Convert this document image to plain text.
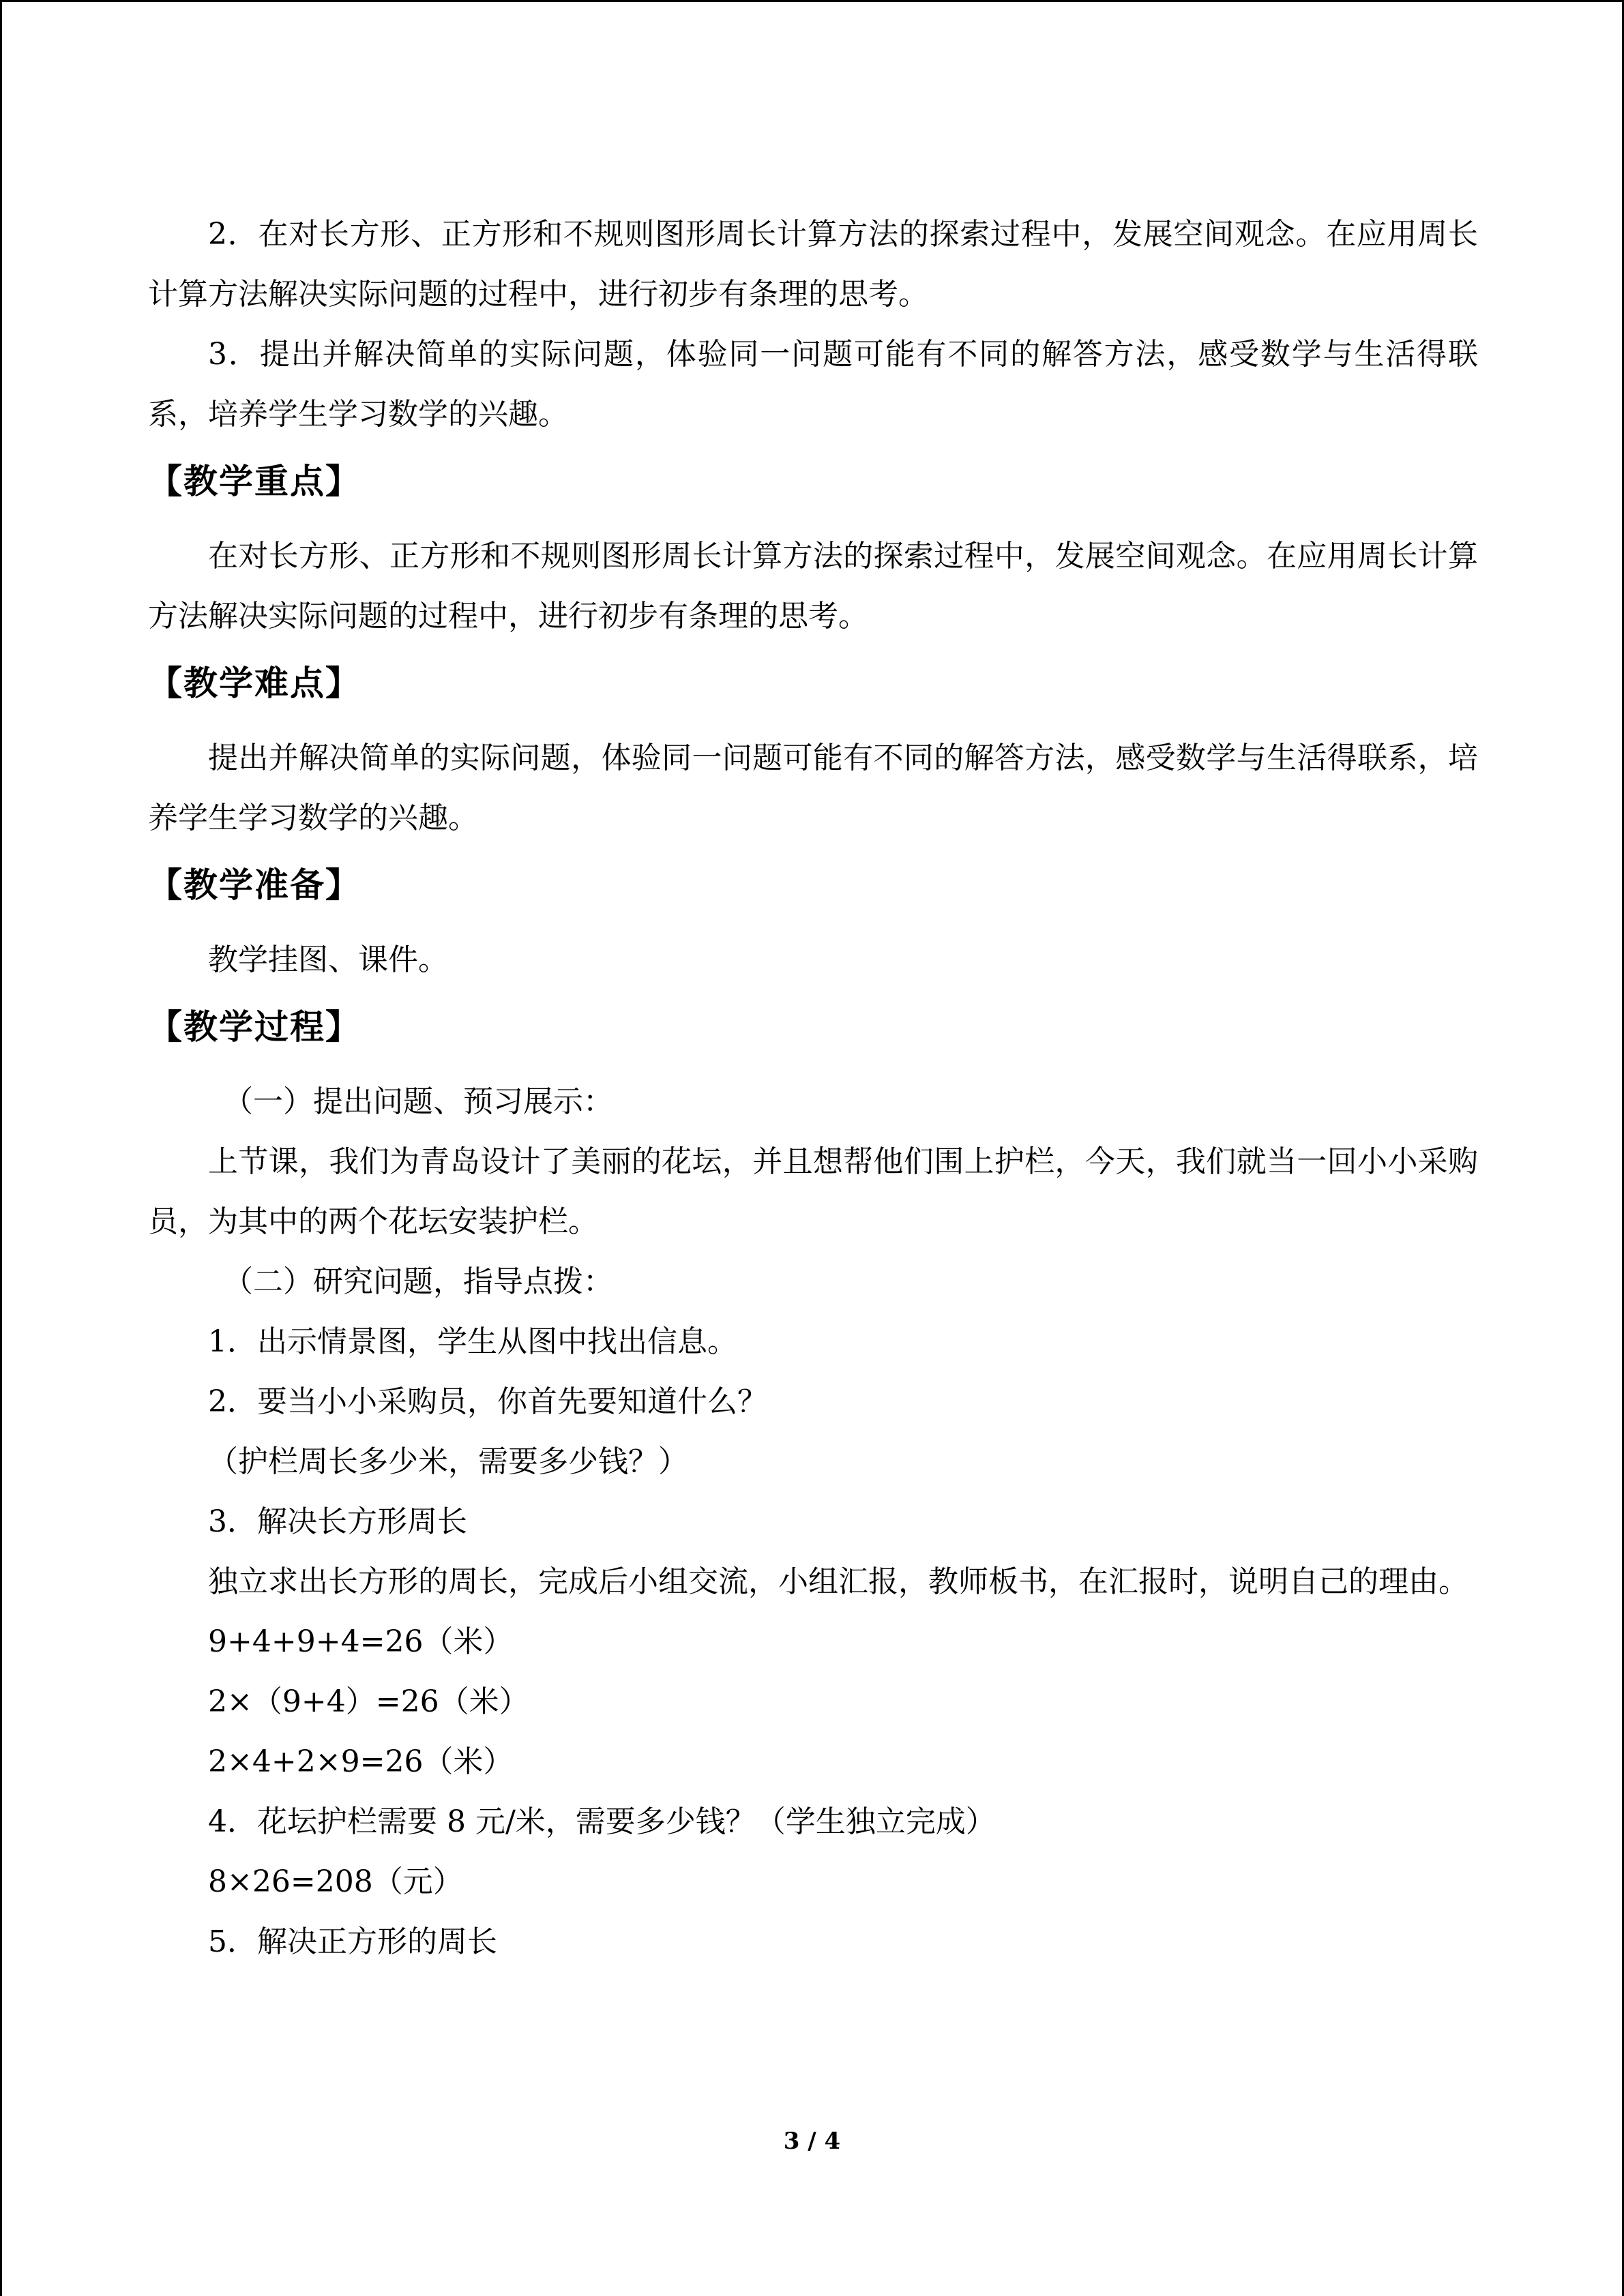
2．在对长方形、正方形和不规则图形周长计算方法的探索过程中，发展空间观念。在应用周长计算方法解决实际问题的过程中，进行初步有条理的思考。

3．提出并解决简单的实际问题，体验同一问题可能有不同的解答方法，感受数学与生活得联系，培养学生学习数学的兴趣。

【教学重点】

在对长方形、正方形和不规则图形周长计算方法的探索过程中，发展空间观念。在应用周长计算方法解决实际问题的过程中，进行初步有条理的思考。

【教学难点】

提出并解决简单的实际问题，体验同一问题可能有不同的解答方法，感受数学与生活得联系，培养学生学习数学的兴趣。

【教学准备】

教学挂图、课件。

【教学过程】

（一）提出问题、预习展示：

上节课，我们为青岛设计了美丽的花坛，并且想帮他们围上护栏，今天，我们就当一回小小采购员，为其中的两个花坛安装护栏。

（二）研究问题，指导点拨：

1．出示情景图，学生从图中找出信息。

2．要当小小采购员，你首先要知道什么？

（护栏周长多少米，需要多少钱？）

3．解决长方形周长

独立求出长方形的周长，完成后小组交流，小组汇报，教师板书，在汇报时，说明自己的理由。

9+4+9+4=26（米）

2×（9+4）=26（米）

2×4+2×9=26（米）

4．花坛护栏需要 8 元/米，需要多少钱？（学生独立完成）

8×26=208（元）

5．解决正方形的周长

3 / 4
